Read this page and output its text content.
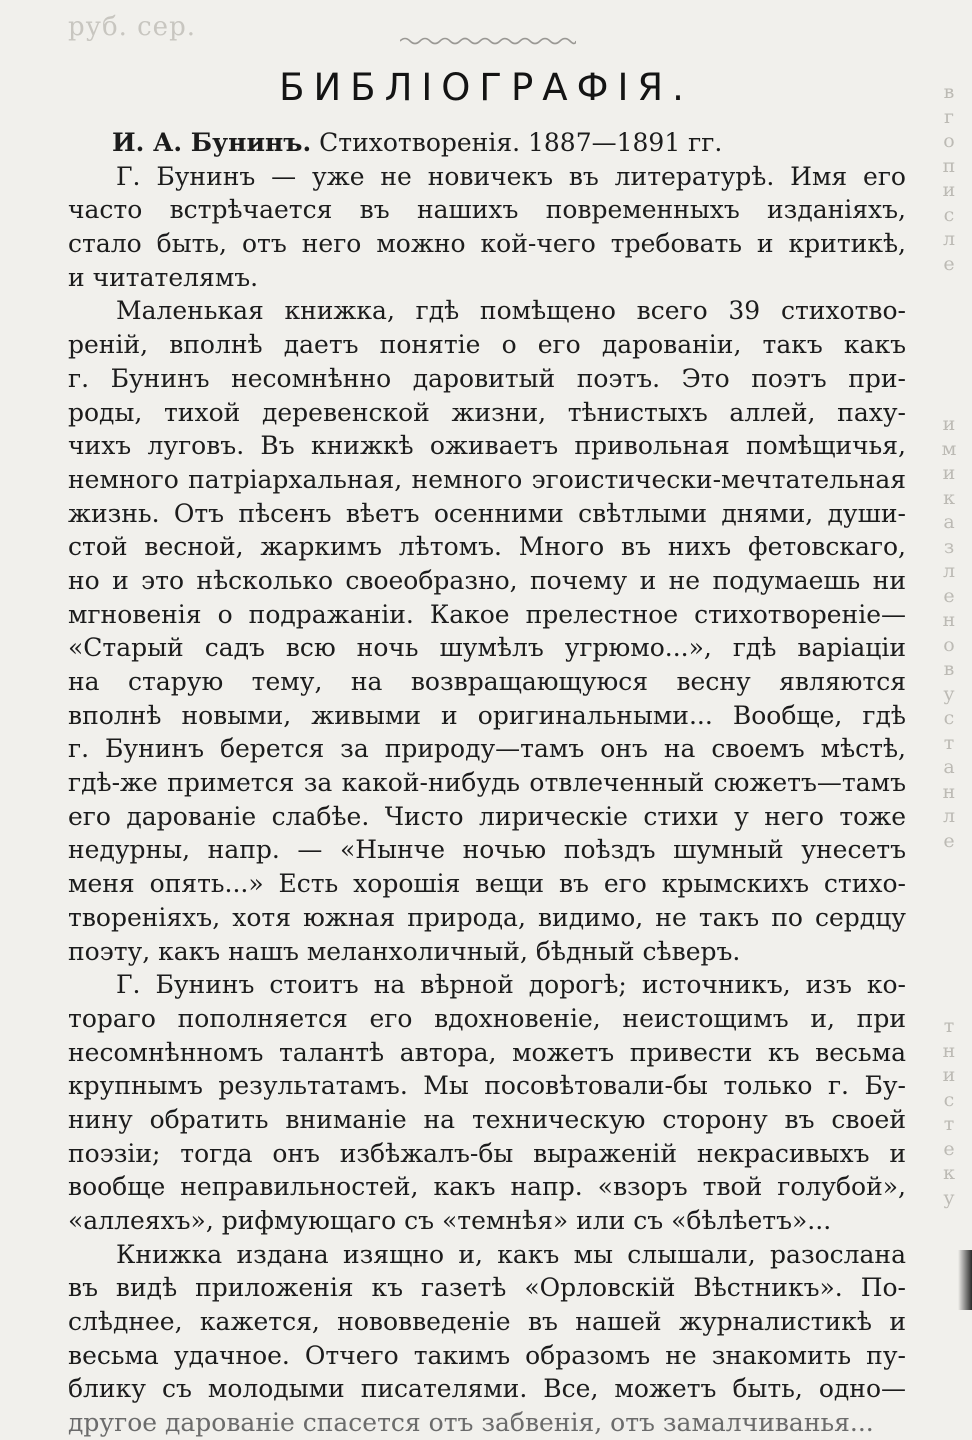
руб. сер.
БИБЛIОГРАФIЯ.	в
г
о
п
и
с
л
е
и
м
и
к
а
з
л
е
н
о
в
у
с
т
а
н
л
е
т
н
и
с
т
е
к
у
И. А. Бунинъ. Стихотворенія. 1887—1891 гг.
Г. Бунинъ — уже не новичекъ въ литературѣ. Имя его
часто встрѣчается въ нашихъ повременныхъ изданіяхъ,
стало быть, отъ него можно кой-чего требовать и критикѣ,
и читателямъ.
Маленькая книжка, гдѣ помѣщено всего 39 стихотво-
реній, вполнѣ даетъ понятіе о его дарованіи, такъ какъ
г. Бунинъ несомнѣнно даровитый поэтъ. Это поэтъ при-
роды, тихой деревенской жизни, тѣнистыхъ аллей, паху-
чихъ луговъ. Въ книжкѣ оживаетъ привольная помѣщичья,
немного патріархальная, немного эгоистически-мечтательная
жизнь. Отъ пѣсенъ вѣетъ осенними свѣтлыми днями, души-
стой весной, жаркимъ лѣтомъ. Много въ нихъ фетовскаго,
но и это нѣсколько своеобразно, почему и не подумаешь ни
мгновенія о подражаніи. Какое прелестное стихотвореніе—
«Старый садъ всю ночь шумѣлъ угрюмо...», гдѣ варіаціи
на старую тему, на возвращающуюся весну являются
вполнѣ новыми, живыми и оригинальными... Вообще, гдѣ
г. Бунинъ берется за природу—тамъ онъ на своемъ мѣстѣ,
гдѣ-же примется за какой-нибудь отвлеченный сюжетъ—тамъ
его дарованіе слабѣе. Чисто лирическіе стихи у него тоже
недурны, напр. — «Нынче ночью поѣздъ шумный унесетъ
меня опять...» Есть хорошія вещи въ его крымскихъ стихо-
твореніяхъ, хотя южная природа, видимо, не такъ по сердцу
поэту, какъ нашъ меланхоличный, бѣдный сѣверъ.
Г. Бунинъ стоитъ на вѣрной дорогѣ; источникъ, изъ ко-
тораго пополняется его вдохновеніе, неистощимъ и, при
несомнѣнномъ талантѣ автора, можетъ привести къ весьма
крупнымъ результатамъ. Мы посовѣтовали-бы только г. Бу-
нину обратить вниманіе на техническую сторону въ своей
поэзіи; тогда онъ избѣжалъ-бы выраженій некрасивыхъ и
вообще неправильностей, какъ напр. «взоръ твой голубой»,
«аллеяхъ», рифмующаго съ «темнѣя» или съ «бѣлѣетъ»...
Книжка издана изящно и, какъ мы слышали, разослана
въ видѣ приложенія къ газетѣ «Орловскій Вѣстникъ». По-
слѣднее, кажется, нововведеніе въ нашей журналистикѣ и
весьма удачное. Отчего такимъ образомъ не знакомить пу-
блику съ молодыми писателями. Все, можетъ быть, одно—
другое дарованіе спасется отъ забвенія, отъ замалчиванья...
